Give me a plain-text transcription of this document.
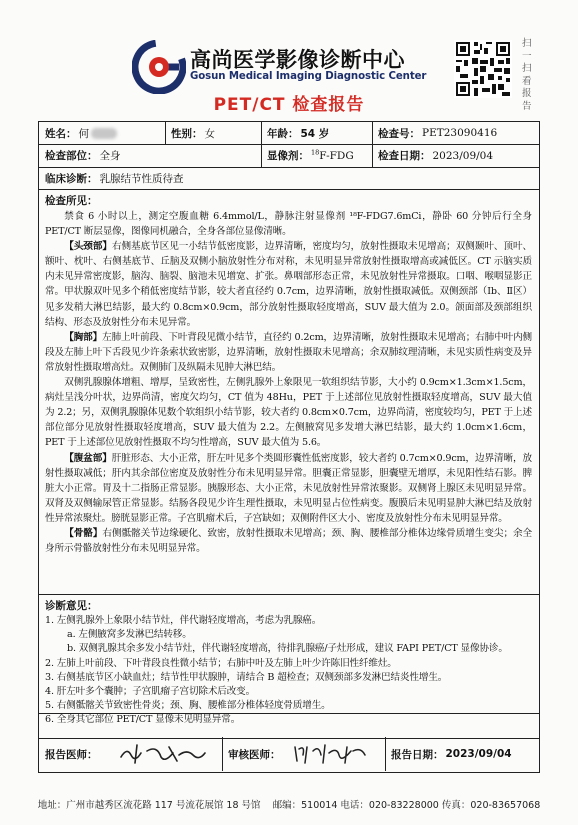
高尚医学影像诊断中心
Gosun Medical Imaging Diagnostic Center
PET/CT 检查报告
扫一扫看报告
姓名： 何	性别： 女	年龄： 54 岁	检查号： PET23090416
检查部位： 全身	显像剂： $^{18}$F-FDG 检查日期： 2023/09/04
临床诊断： 乳腺结节性质待查
检查所见：
禁食 6 小时以上，测定空腹血糖 6.4mmol/L，静脉注射显像剂 ¹⁸F-FDG7.6mCi，静卧 60 分钟后行全身 PET/CT 断层显像，图像同机融合，全身各部位显像清晰。
【头颈部】右侧基底节区见一小结节低密度影，边界清晰，密度均匀，放射性摄取未见增高；双侧颞叶、顶叶、额叶、枕叶、右侧基底节、丘脑及双侧小脑放射性分布对称，未见明显异常放射性摄取增高或减低区。CT 示脑实质内未见异常密度影，脑沟、脑裂、脑池未见增宽、扩张。鼻咽部形态正常，未见放射性异常摄取。口咽、喉咽显影正常。甲状腺双叶见多个稍低密度结节影，较大者直径约 0.7cm，边界清晰，放射性摄取减低。双侧颈部（Ⅰb、Ⅱ区）见多发稍大淋巴结影，最大约 0.8cm×0.9cm，部分放射性摄取轻度增高，SUV 最大值为 2.0。颌面部及颈部组织结构、形态及放射性分布未见异常。
【胸部】左肺上叶前段、下叶背段见微小结节，直径约 0.2cm，边界清晰，放射性摄取未见增高；右肺中叶内侧段及左肺上叶下舌段见少许条索状致密影，边界清晰，放射性摄取未见增高；余双肺纹理清晰，未见实质性病变及异常放射性摄取增高灶。双侧肺门及纵隔未见肿大淋巴结。
双侧乳腺腺体增粗、增厚，呈致密性，左侧乳腺外上象限见一软组织结节影，大小约 0.9cm×1.3cm×1.5cm，病灶呈浅分叶状，边界尚清，密度欠均匀，CT 值为 48Hu，PET 于上述部位见放射性摄取轻度增高，SUV 最大值为 2.2；另，双侧乳腺腺体见数个软组织小结节影，较大者约 0.8cm×0.7cm，边界尚清，密度较均匀，PET 于上述部位部分见放射性摄取轻度增高，SUV 最大值为 2.2。左侧腋窝见多发增大淋巴结影，最大约 1.0cm×1.6cm，PET 于上述部位见放射性摄取不均匀性增高，SUV 最大值为 5.6。
【腹盆部】肝脏形态、大小正常，肝左叶见多个类圆形囊性低密度影，较大者约 0.7cm×0.9cm，边界清晰，放射性摄取减低；肝内其余部位密度及放射性分布未见明显异常。胆囊正常显影，胆囊壁无增厚，未见阳性结石影。脾脏大小正常。胃及十二指肠正常显影。胰腺形态、大小正常，未见放射性异常浓聚影。双侧肾上腺区未见明显异常。双肾及双侧输尿管正常显影。结肠各段见少许生理性摄取，未见明显占位性病变。腹膜后未见明显肿大淋巴结及放射性异常浓聚灶。膀胱显影正常。子宫肌瘤术后，子宫缺如；双侧附件区大小、密度及放射性分布未见明显异常。
【骨骼】右侧骶髂关节边缘硬化、致密，放射性摄取未见增高；颈、胸、腰椎部分椎体边缘骨质增生变尖；余全身所示骨骼放射性分布未见明显异常。
诊断意见：
1. 左侧乳腺外上象限小结节灶，伴代谢轻度增高，考虑为乳腺癌。
a. 左侧腋窝多发淋巴结转移。
b. 双侧乳腺其余多发小结节灶，伴代谢轻度增高，待排乳腺癌/子灶形成，建议 FAPI PET/CT 显像协诊。
2. 左肺上叶前段、下叶背段良性微小结节；右肺中叶及左肺上叶少许陈旧性纤维灶。
3. 右侧基底节区小缺血灶；结节性甲状腺肿，请结合 B 超检查；双侧颈部多发淋巴结炎性增生。
4. 肝左叶多个囊肿；子宫肌瘤子宫切除术后改变。
5. 右侧骶髂关节致密性骨炎；颈、胸、腰椎部分椎体轻度骨质增生。
6. 全身其它部位 PET/CT 显像未见明显异常。
报告医师：	审核医师：	报告日期： 2023/09/04
地址：广州市越秀区流花路 117 号流花展馆 18 号馆 邮编：510014 电话：020-83228000 传真：020-83657068
